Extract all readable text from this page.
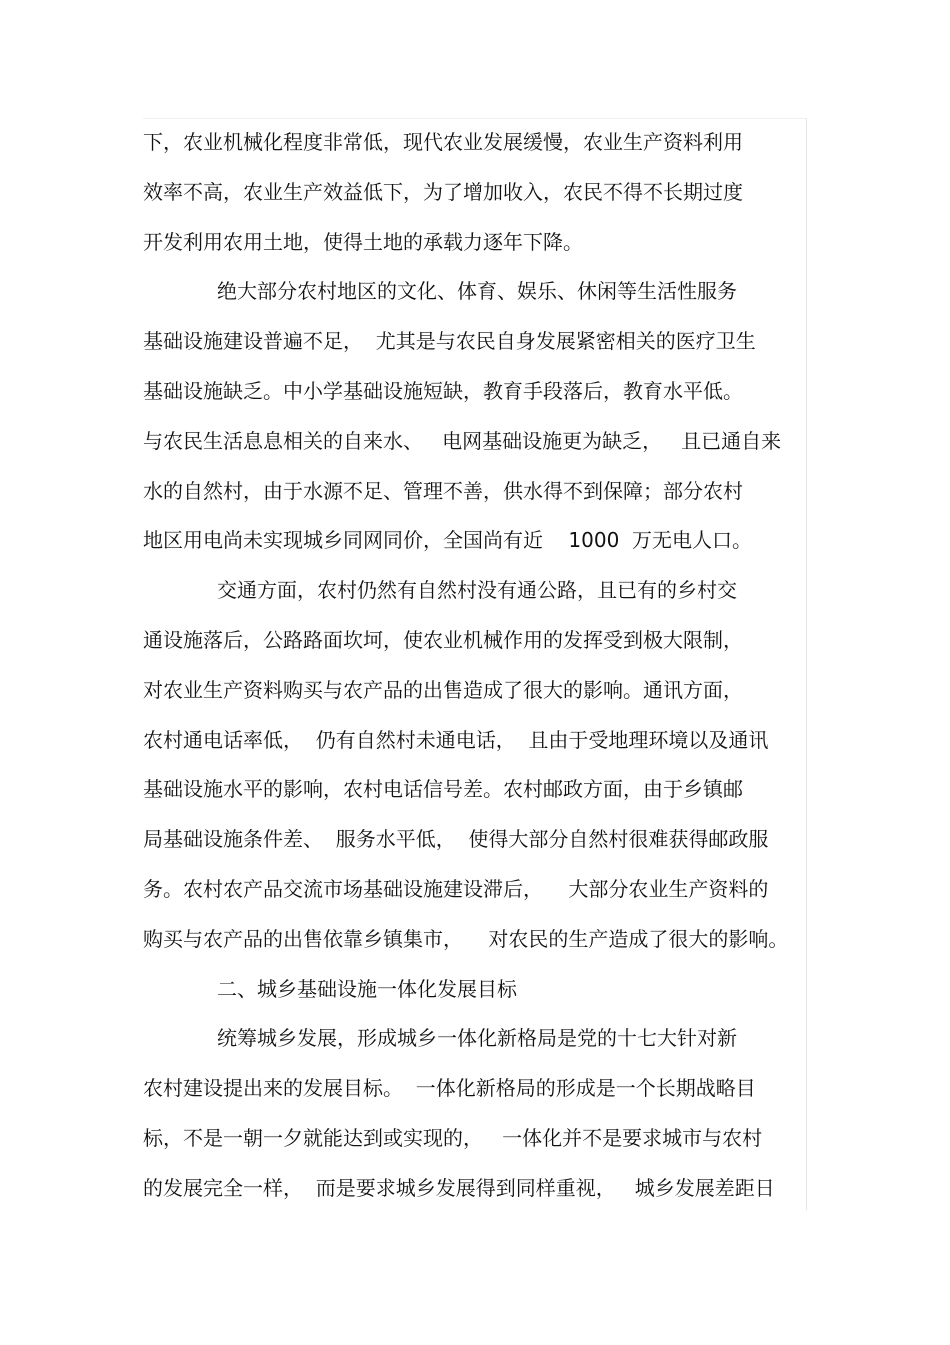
下，农业机械化程度非常低，现代农业发展缓慢，农业生产资料利用
效率不高，农业生产效益低下，为了增加收入，农民不得不长期过度
开发利用农用土地，使得土地的承载力逐年下降。
绝大部分农村地区的文化、体育、娱乐、休闲等生活性服务
基础设施建设普遍不足，  尤其是与农民自身发展紧密相关的医疗卫生
基础设施缺乏。中小学基础设施短缺，教育手段落后，教育水平低。
与农民生活息息相关的自来水、   电网基础设施更为缺乏，   且已通自来
水的自然村，由于水源不足、管理不善，供水得不到保障；部分农村
地区用电尚未实现城乡同网同价，全国尚有近    1000  万无电人口。
交通方面，农村仍然有自然村没有通公路，且已有的乡村交
通设施落后，公路路面坎坷，使农业机械作用的发挥受到极大限制，
对农业生产资料购买与农产品的出售造成了很大的影响。通讯方面，
农村通电话率低，  仍有自然村未通电话，  且由于受地理环境以及通讯
基础设施水平的影响，农村电话信号差。农村邮政方面，由于乡镇邮
局基础设施条件差、  服务水平低，  使得大部分自然村很难获得邮政服
务。农村农产品交流市场基础设施建设滞后，    大部分农业生产资料的
购买与农产品的出售依靠乡镇集市，    对农民的生产造成了很大的影响。
二、城乡基础设施一体化发展目标
统筹城乡发展，形成城乡一体化新格局是党的十七大针对新
农村建设提出来的发展目标。  一体化新格局的形成是一个长期战略目
标，不是一朝一夕就能达到或实现的，   一体化并不是要求城市与农村
的发展完全一样，  而是要求城乡发展得到同样重视，   城乡发展差距日
